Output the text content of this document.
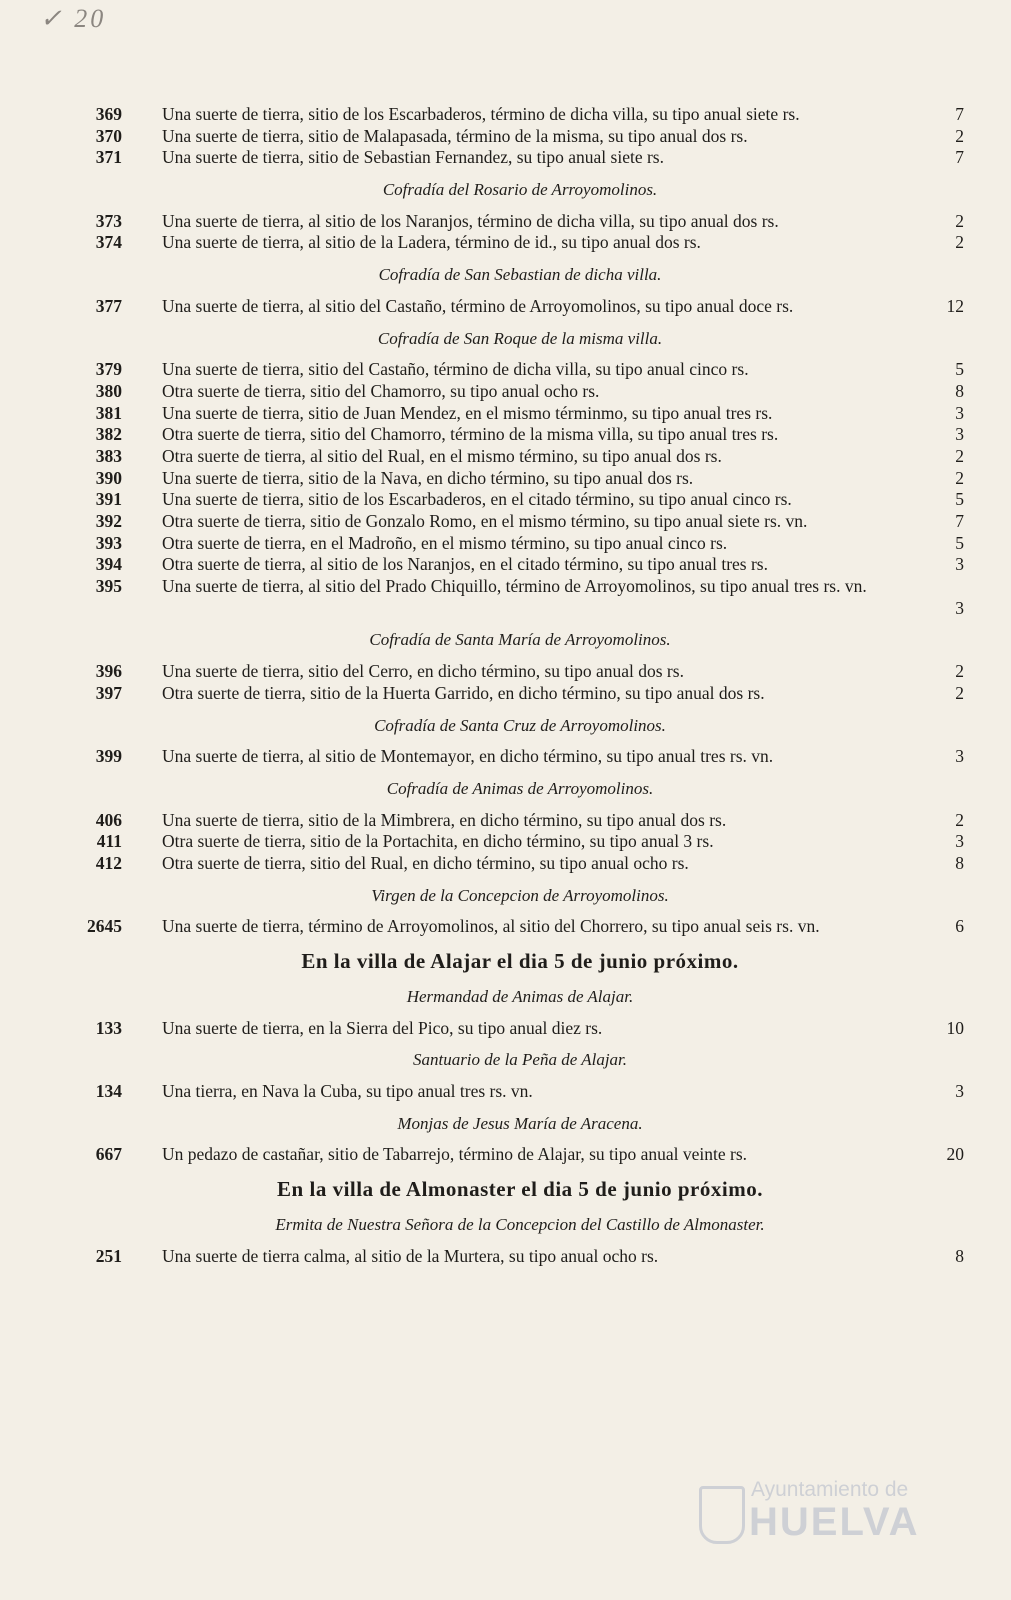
✓ 20
369 Una suerte de tierra, sitio de los Escarbaderos, término de dicha villa, su tipo anual siete rs.	7
370 Una suerte de tierra, sitio de Malapasada, término de la misma, su tipo anual dos rs.	2
371 Una suerte de tierra, sitio de Sebastian Fernandez, su tipo anual siete rs.	7
Cofradía del Rosario de Arroyomolinos.
373 Una suerte de tierra, al sitio de los Naranjos, término de dicha villa, su tipo anual dos rs.	2
374 Una suerte de tierra, al sitio de la Ladera, término de id., su tipo anual dos rs.	2
Cofradía de San Sebastian de dicha villa.
377 Una suerte de tierra, al sitio del Castaño, término de Arroyomolinos, su tipo anual doce rs.	12
Cofradía de San Roque de la misma villa.
379 Una suerte de tierra, sitio del Castaño, término de dicha villa, su tipo anual cinco rs.	5
380 Otra suerte de tierra, sitio del Chamorro, su tipo anual ocho rs.	8
381 Una suerte de tierra, sitio de Juan Mendez, en el mismo términmo, su tipo anual tres rs.	3
382 Otra suerte de tierra, sitio del Chamorro, término de la misma villa, su tipo anual tres rs.	3
383 Otra suerte de tierra, al sitio del Rual, en el mismo término, su tipo anual dos rs.	2
390 Una suerte de tierra, sitio de la Nava, en dicho término, su tipo anual dos rs.	2
391 Una suerte de tierra, sitio de los Escarbaderos, en el citado término, su tipo anual cinco rs.	5
392 Otra suerte de tierra, sitio de Gonzalo Romo, en el mismo término, su tipo anual siete rs. vn.	7
393 Otra suerte de tierra, en el Madroño, en el mismo término, su tipo anual cinco rs.	5
394 Otra suerte de tierra, al sitio de los Naranjos, en el citado término, su tipo anual tres rs.	3
395 Una suerte de tierra, al sitio del Prado Chiquillo, término de Arroyomolinos, su tipo anual tres rs. vn.
3
Cofradía de Santa María de Arroyomolinos.
396 Una suerte de tierra, sitio del Cerro, en dicho término, su tipo anual dos rs.	2
397 Otra suerte de tierra, sitio de la Huerta Garrido, en dicho término, su tipo anual dos rs.	2
Cofradía de Santa Cruz de Arroyomolinos.
399 Una suerte de tierra, al sitio de Montemayor, en dicho término, su tipo anual tres rs. vn.	3
Cofradía de Animas de Arroyomolinos.
406 Una suerte de tierra, sitio de la Mimbrera, en dicho término, su tipo anual dos rs.	2
411 Otra suerte de tierra, sitio de la Portachita, en dicho término, su tipo anual 3 rs.	3
412 Otra suerte de tierra, sitio del Rual, en dicho término, su tipo anual ocho rs.	8
Virgen de la Concepcion de Arroyomolinos.
2645 Una suerte de tierra, término de Arroyomolinos, al sitio del Chorrero, su tipo anual seis rs. vn.	6
En la villa de Alajar el dia 5 de junio próximo.
Hermandad de Animas de Alajar.
133 Una suerte de tierra, en la Sierra del Pico, su tipo anual diez rs.	10
Santuario de la Peña de Alajar.
134 Una tierra, en Nava la Cuba, su tipo anual tres rs. vn.	3
Monjas de Jesus María de Aracena.
667 Un pedazo de castañar, sitio de Tabarrejo, término de Alajar, su tipo anual veinte rs.	20
En la villa de Almonaster el dia 5 de junio próximo.
Ermita de Nuestra Señora de la Concepcion del Castillo de Almonaster.
251 Una suerte de tierra calma, al sitio de la Murtera, su tipo anual ocho rs.	8
Ayuntamiento de
HUELVA
